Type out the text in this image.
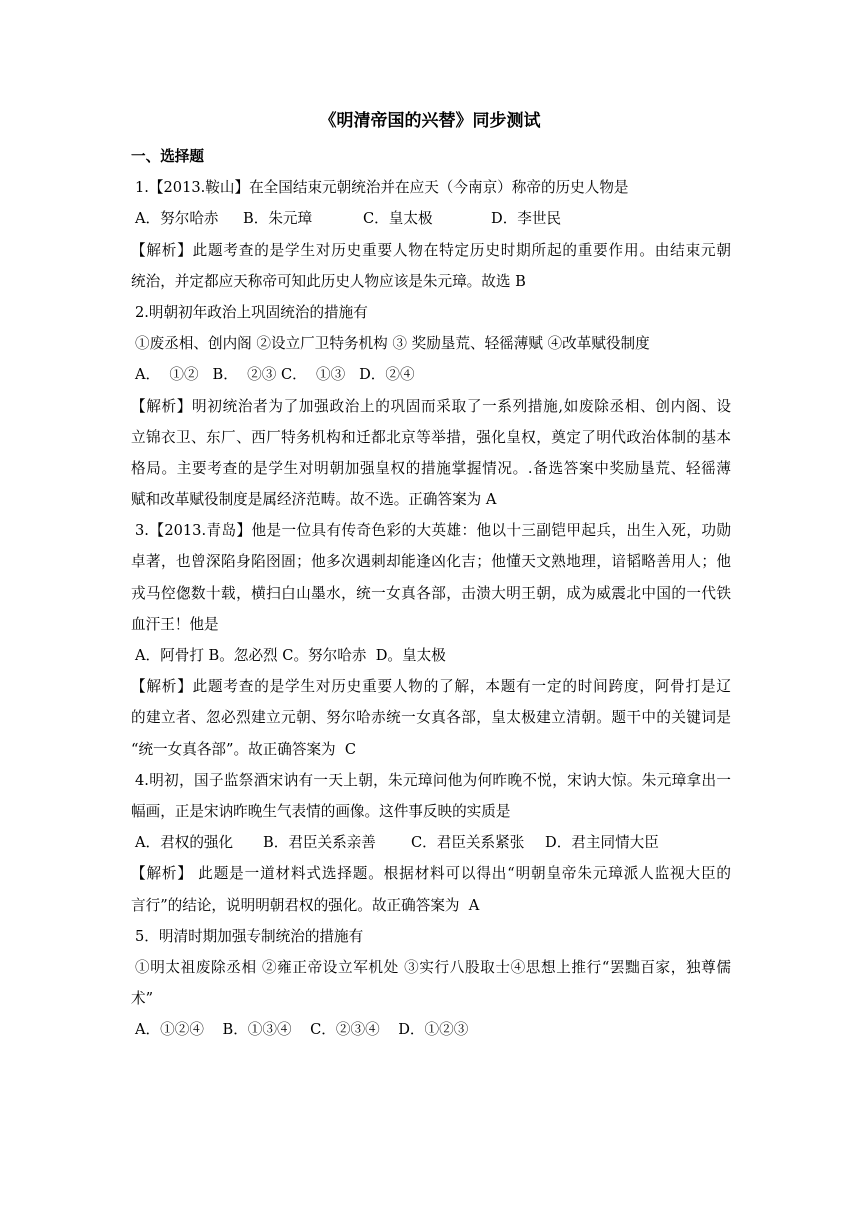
《明清帝国的兴替》同步测试
一、选择题
1.【2013.鞍山】在全国结束元朝统治并在应天（今南京）称帝的历史人物是
A．努尔哈赤	B．朱元璋	C．皇太极	D．李世民
【解析】此题考查的是学生对历史重要人物在特定历史时期所起的重要作用。由结束元朝
统治，并定都应天称帝可知此历史人物应该是朱元璋。故选 B
2.明朝初年政治上巩固统治的措施有
①废丞相、创内阁 ②设立厂卫特务机构 ③ 奖励垦荒、轻徭薄赋 ④改革赋役制度
A．  ①②   B．  ②③ C．  ①③   D．②④
【解析】明初统治者为了加强政治上的巩固而采取了一系列措施,如废除丞相、创内阁、设
立锦衣卫、东厂、西厂特务机构和迁都北京等举措，强化皇权，奠定了明代政治体制的基本
格局。主要考查的是学生对明朝加强皇权的措施掌握情况。.备选答案中奖励垦荒、轻徭薄
赋和改革赋役制度是属经济范畴。故不选。正确答案为 A
3.【2013.青岛】他是一位具有传奇色彩的大英雄：他以十三副铠甲起兵，出生入死，功勋
卓著，也曾深陷身陷囹圄；他多次遇刺却能逢凶化吉；他懂天文熟地理，谙韬略善用人；他
戎马倥偬数十载，横扫白山墨水，统一女真各部，击溃大明王朝，成为威震北中国的一代铁
血汗王！他是
A．阿骨打 B。忽必烈 C。努尔哈赤  D。皇太极
【解析】此题考查的是学生对历史重要人物的了解，本题有一定的时间跨度，阿骨打是辽
的建立者、忽必烈建立元朝、努尔哈赤统一女真各部，皇太极建立清朝。题干中的关键词是
“统一女真各部”。故正确答案为  C
4.明初，国子监祭酒宋讷有一天上朝，朱元璋问他为何昨晚不悦，宋讷大惊。朱元璋拿出一
幅画，正是宋讷昨晚生气表情的画像。这件事反映的实质是
A．君权的强化	B．君臣关系亲善	C．君臣关系紧张	D．君主同情大臣
【解析】 此题是一道材料式选择题。根据材料可以得出“明朝皇帝朱元璋派人监视大臣的
言行”的结论，说明明朝君权的强化。故正确答案为  A
5．明清时期加强专制统治的措施有
①明太祖废除丞相 ②雍正帝设立军机处 ③实行八股取士④思想上推行“罢黜百家，独尊儒
术”
A．①②④    B．①③④    C．②③④    D．①②③
